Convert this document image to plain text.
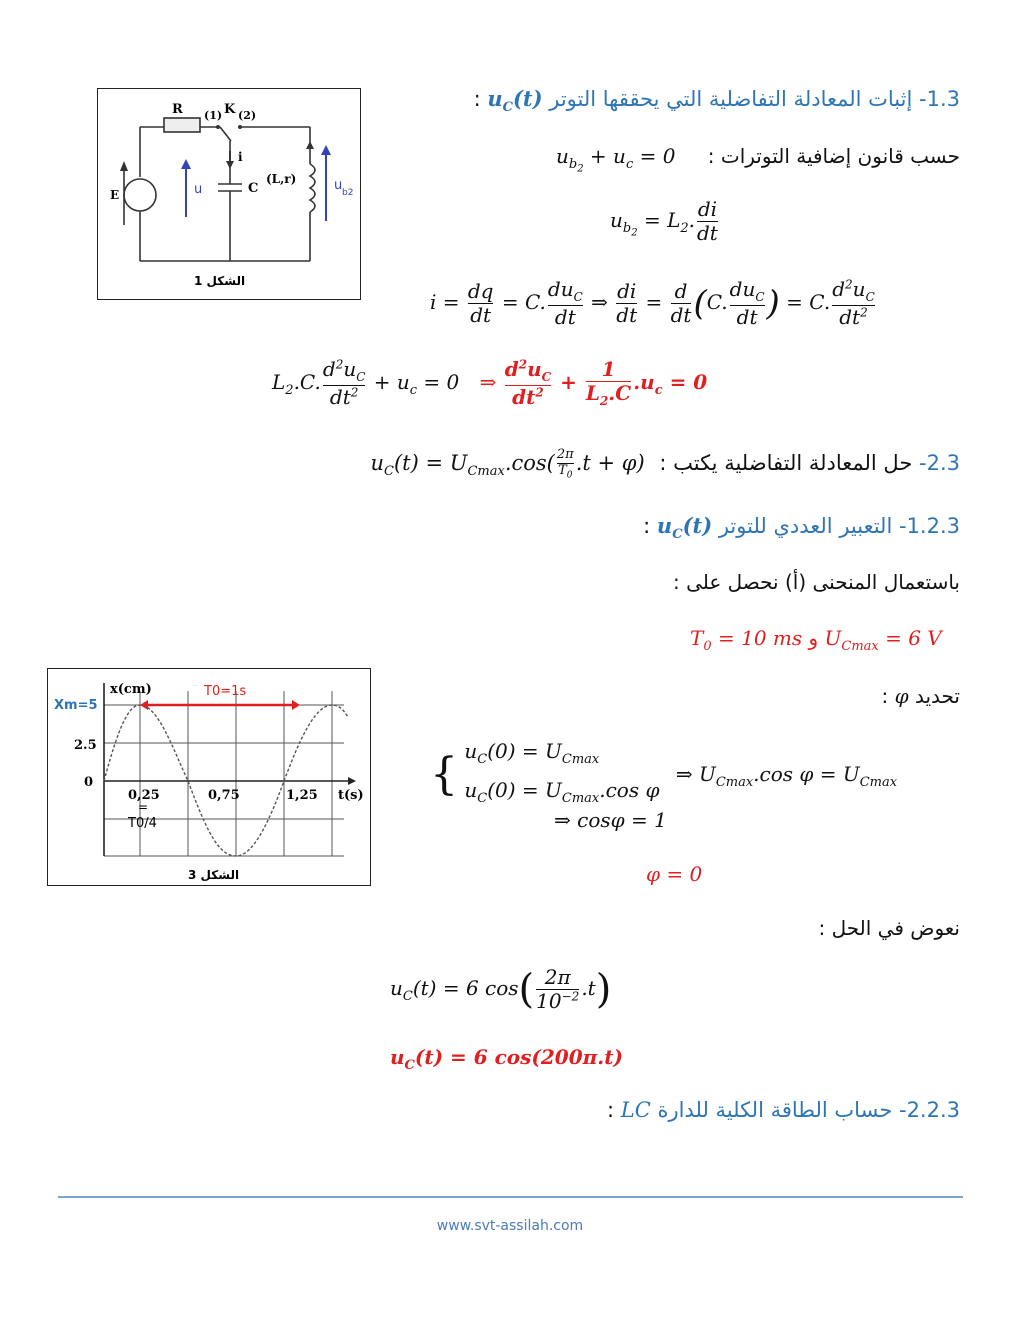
R (1) K (2)
i
C
(L,r)
E	u	u b2
الشكل 1
1.3- إثبات المعادلة التفاضلية التي يحققها التوتر $u_C(t)$ :
حسب قانون إضافية التوترات : $u_{b_2} + u_c = 0$
$u_{b_2} = L_2$. $\frac{di}{dt}$
$i = \frac{dq}{dt} = C$. $\frac{du_C}{dt}$ ⇒ $\frac{di}{dt} = \frac{d}{dt} (C$. $\frac{du_C}{dt}$ ) = C. $\frac{d^2u_C}{dt^2}$
$L_2.C$. $\frac{d^2u_C}{dt^2} + u_c = 0$ ⇒ $\frac{d^2u_C}{dt^2} + \frac{1}{L_2.C} .u_c = 0$
2.3- حل المعادلة التفاضلية يكتب : $u_C(t) = U_{Cmax}.\cos( \frac{2\pi}{T_0} .t + \varphi)$
1.2.3- التعبير العددي للتوتر $u_C(t)$ :
باستعمال المنحنى (أ) نحصل على :
$T_0 = 10$ ms و $U_{Cmax} = 6$ V
x(cm)	T0=1s
Xm=5
2.5
0
0,25	0,75	1,25 t(s)
=
T0/4
الشكل 3
تحديد φ :
{ $u_C(0) = U_{Cmax}$
$u_C(0) = U_{Cmax}.\cos$ φ
⇒ $U_{Cmax}.\cos$ $\varphi = U_{Cmax}$
⇒ cosφ = 1
φ = 0
نعوض في الحل :
$u_C(t) = 6$ $\cos( \frac{2\pi}{10^{-2}} .t)$
$u_C(t) = 6$ cos(200π.t)
2.2.3- حساب الطاقة الكلية للدارة LC :
www.svt-assilah.com
